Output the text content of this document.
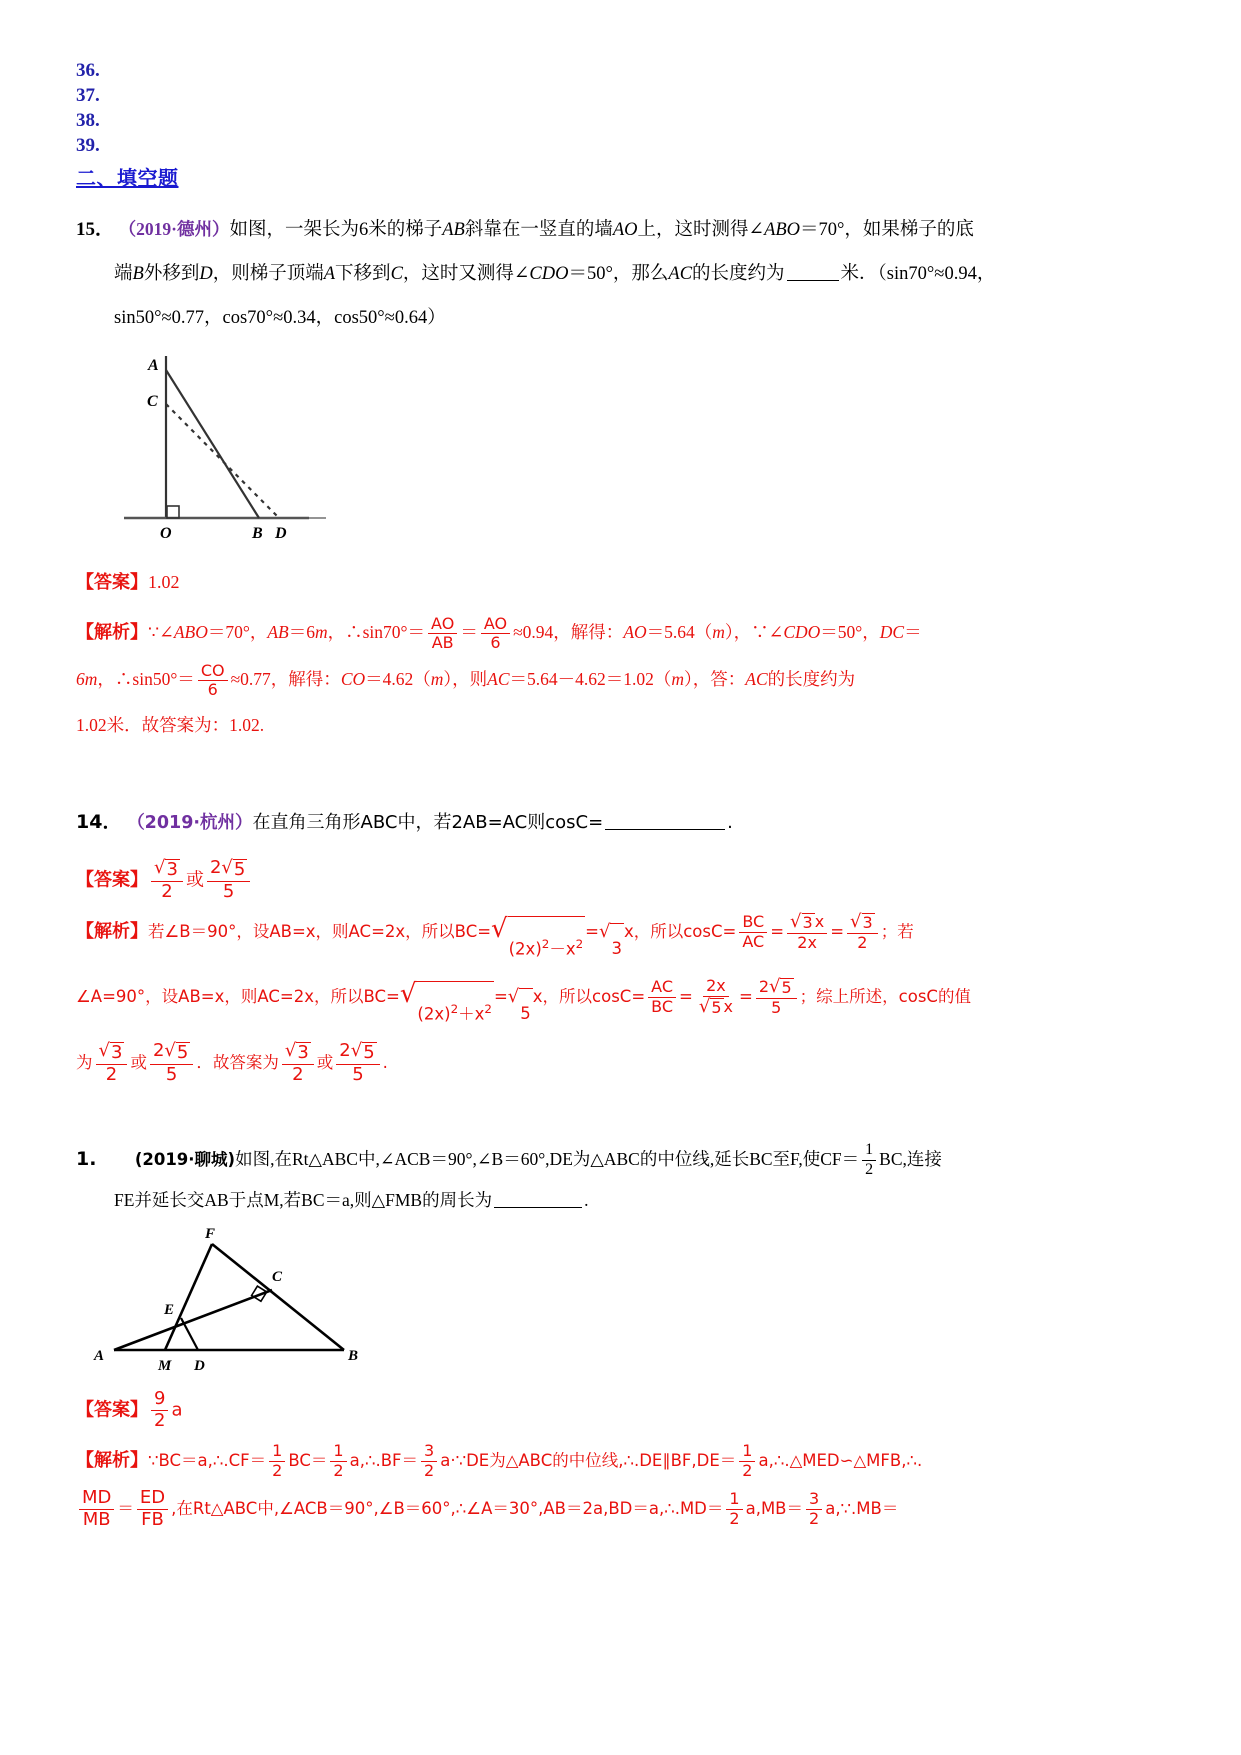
36.
37.
38.
39.
二、填空题
15． （2019·德州）如图，一架长为6米的梯子AB斜靠在一竖直的墙AO上，这时测得∠ABO＝70°，如果梯子的底
端B外移到D，则梯子顶端A下移到C，这时又测得∠CDO＝50°，那么AC的长度约为	米．（sin70°≈0.94，
sin50°≈0.77，cos70°≈0.34，cos50°≈0.64）
A
C
O	B D
【答案】1.02
【解析】∵∠ABO＝70°，AB＝6m，∴sin70°＝ $\frac{AO}{AB} = \frac{AO}{6} \approx 0.94$，解得：AO＝5.64（m），∵∠CDO＝50°，DC＝
6m，∴sin50°＝ $\frac{CO}{6} \approx 0.77$，解得：CO＝4.62（m），则AC＝5.64－4.62＝1.02（m），答：AC的长度约为
1.02米．故答案为：1.02.
14． （2019·杭州）在直角三角形ABC中，若2AB=AC则cosC=	.
【答案】 $\frac{√ 3}{2}$ 或 $\frac{2 √ 5}{5}$
【解析】若∠B＝90°，设AB=x，则AC=2x，所以BC= √
$(2x)^2-x^2$
= √
3
x，所以$\cos C= \frac{BC}{AC} = \frac{√ 3 x}{2x} = \frac{√ 3}{2}$ ；若
∠A=90°，设AB=x，则AC=2x，所以BC= √
$(2x)^2+x^2$
= √
5
x，所以$\cos C= \frac{AC}{BC} = \frac{2x}{√ 5 x} = \frac{2 √ 5}{5}$ ；综上所述，cosC的值
为 $\frac{√ 3}{2}$ 或 $\frac{2 √ 5}{5}$ ．故答案为 $\frac{√ 3}{2}$ 或 $\frac{2 √ 5}{5}$ .
1. (2019·聊城)如图,在Rt△ABC中,∠ACB＝90°,∠B＝60°,DE为△ABC的中位线,延长BC至F,使$CF= \frac{1}{2}$ BC,连接
FE并延长交AB于点M,若BC＝a,则△FMB的周长为	.
F
C
E
A
M D
B
【答案】 $\frac{9}{2}$ a
【解析】∵BC＝a,∴.CF＝ $\frac{1}{2} BC= \frac{1}{2}$ a,∴.BF＝ $\frac{3}{2}$ a·∵DE为△ABC的中位线,∴.DE∥BF,DE＝ $\frac{1}{2}$ a,∴.△MED∽△MFB,∴.

$\frac{MD}{MB} = \frac{ED}{FB}$ ,在Rt△ABC中,∠ACB＝90°,∠B＝60°,∴∠A＝30°,AB＝2a,BD＝a,∴.MD＝ $\frac{1}{2} a,MB= \frac{3}{2}$ a,∵.MB＝
